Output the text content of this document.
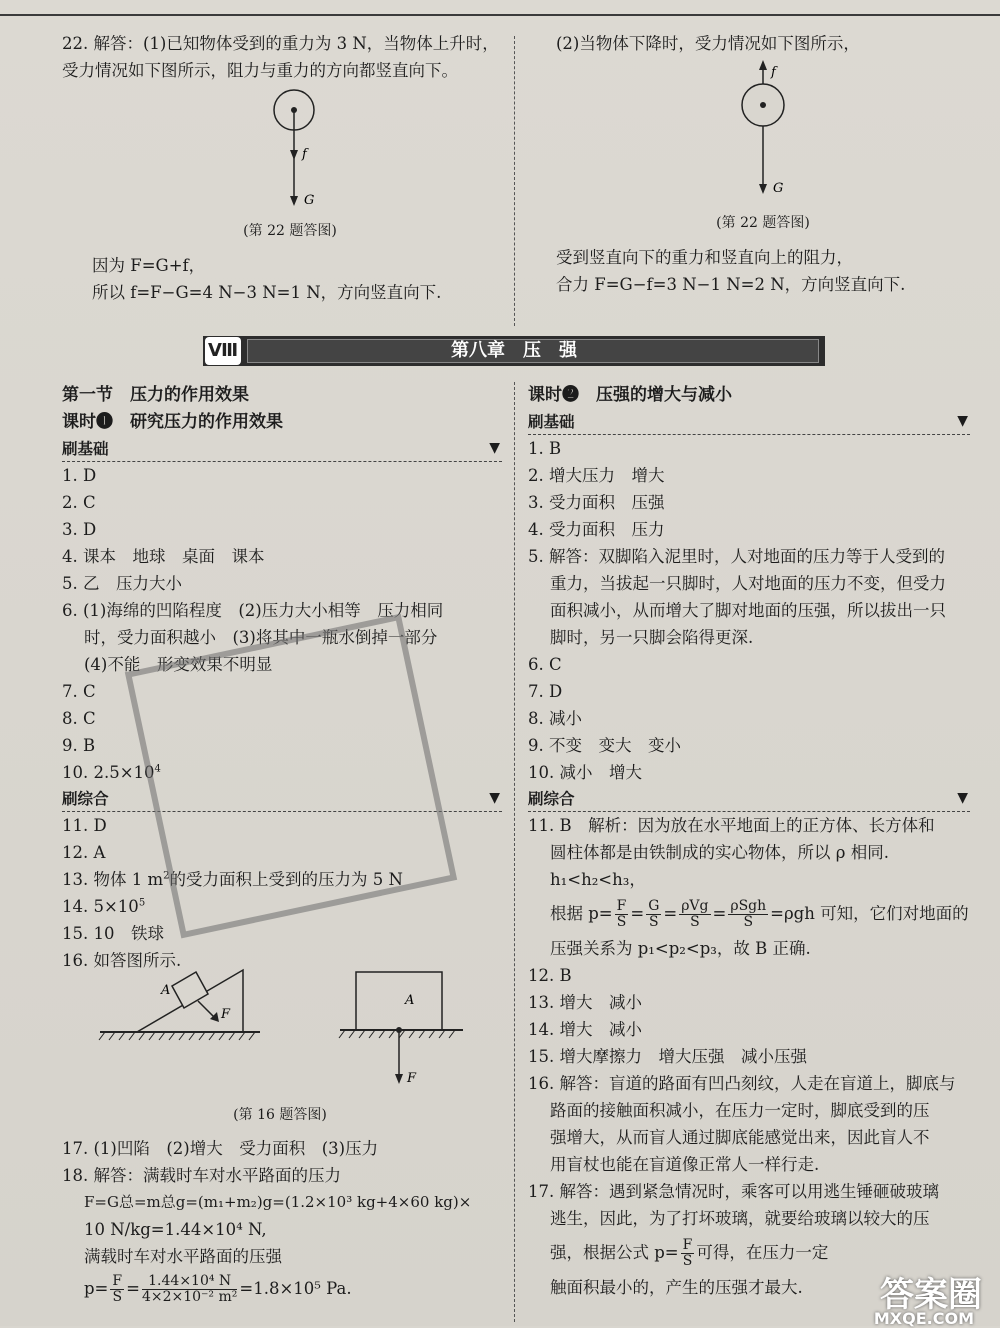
22. 解答：(1)已知物体受到的重力为 3 N，当物体上升时，
受力情况如下图所示，阻力与重力的方向都竖直向下。
f
G
(第 22 题答图)
因为 F=G+f，
所以 f=F−G=4 N−3 N=1 N，方向竖直向下.
(2)当物体下降时，受力情况如下图所示，
f
G
(第 22 题答图)
受到竖直向下的重力和竖直向上的阻力，
合力 F=G−f=3 N−1 N=2 N，方向竖直向下.
Ⅷ	第八章　压　强
第一节　压力的作用效果
课时❶　研究压力的作用效果
刷基础	▼
1. D
2. C
3. D
4. 课本　地球　桌面　课本
5. 乙　压力大小
6. (1)海绵的凹陷程度　(2)压力大小相等　压力相同
时，受力面积越小　(3)将其中一瓶水倒掉一部分
(4)不能　形变效果不明显
7. C
8. C
9. B
10. $2.5\times 10^4$
刷综合	▼
11. D
12. A
13. 物体 1 $m^2$的受力面积上受到的压力为 5 N
14. $5\times 10^5$
15. 10　铁球
16. 如答图所示.
A
F
A
F
(第 16 题答图)
17. (1)凹陷　(2)增大　受力面积　(3)压力
18. 解答：满载时车对水平路面的压力
F=G总=m总g=(m₁+m₂)g=(1.2×10³ kg+4×60 kg)×
10 N/kg=1.44×10⁴ N,
满载时车对水平路面的压强
$p= \frac{F}{S} = \frac{\text{1.44×10⁴ N}}{\text{4×2×10⁻² m²}} =1.8\times 10^5$ Pa.
课时❷　压强的增大与减小
刷基础	▼
1. B
2. 增大压力　增大
3. 受力面积　压强
4. 受力面积　压力
5. 解答：双脚陷入泥里时，人对地面的压力等于人受到的
重力，当拔起一只脚时，人对地面的压力不变，但受力
面积减小，从而增大了脚对地面的压强，所以拔出一只
脚时，另一只脚会陷得更深.
6. C
7. D
8. 减小
9. 不变　变大　变小
10. 减小　增大
刷综合	▼
11. B　解析：因为放在水平地面上的正方体、长方体和
圆柱体都是由铁制成的实心物体，所以 ρ 相同.
h₁<h₂<h₃，
根据 $p= \frac{F}{S} = \frac{G}{S} = \frac{\text{ρVg}}{S} = \frac{\text{ρSgh}}{S} =\rho gh$ 可知，它们对地面的
压强关系为 p₁<p₂<p₃，故 B 正确.
12. B
13. 增大　减小
14. 增大　减小
15. 增大摩擦力　增大压强　减小压强
16. 解答：盲道的路面有凹凸刻纹，人走在盲道上，脚底与
路面的接触面积减小，在压力一定时，脚底受到的压
强增大，从而盲人通过脚底能感觉出来，因此盲人不
用盲杖也能在盲道像正常人一样行走.
17. 解答：遇到紧急情况时，乘客可以用逃生锤砸破玻璃
逃生，因此，为了打坏玻璃，就要给玻璃以较大的压
强，根据公式 $p= \frac{F}{S}$ 可得，在压力一定
触面积最小的，产生的压强才最大.	答案圈
MXQE.COM
